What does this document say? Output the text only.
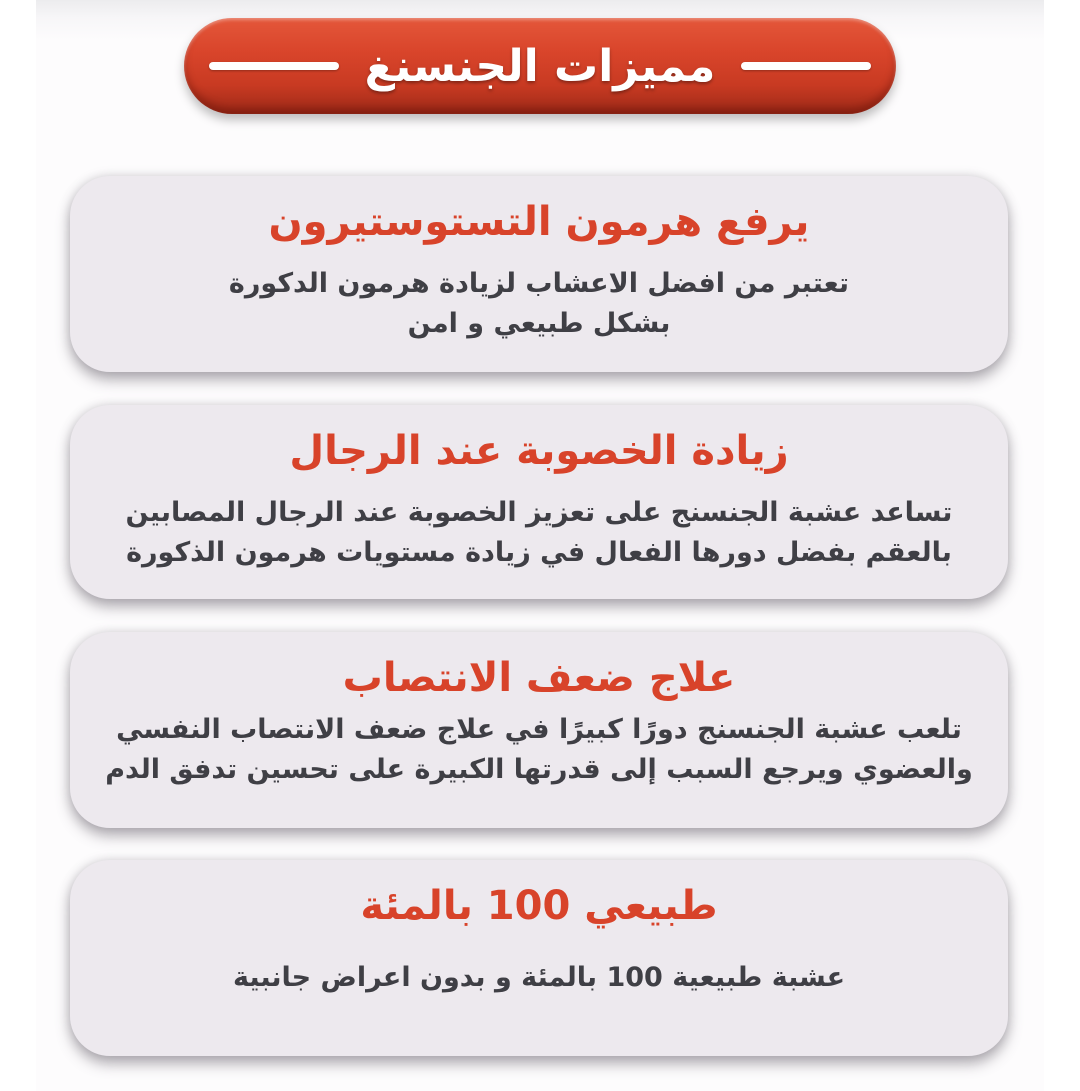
مميزات الجنسنغ
يرفع هرمون التستوستيرون

تعتبر من افضل الاعشاب لزيادة هرمون الدكورة بشكل طبيعي و امن

زيادة الخصوبة عند الرجال

تساعد عشبة الجنسنج على تعزيز الخصوبة عند الرجال المصابين بالعقم بفضل دورها الفعال في زيادة مستويات هرمون الذكورة

علاج ضعف الانتصاب

تلعب عشبة الجنسنج دورًا كبيرًا في علاج ضعف الانتصاب النفسي والعضوي ويرجع السبب إلى قدرتها الكبيرة على تحسين تدفق الدم

طبيعي 100 بالمئة

عشبة طبيعية 100 بالمئة و بدون اعراض جانبية
